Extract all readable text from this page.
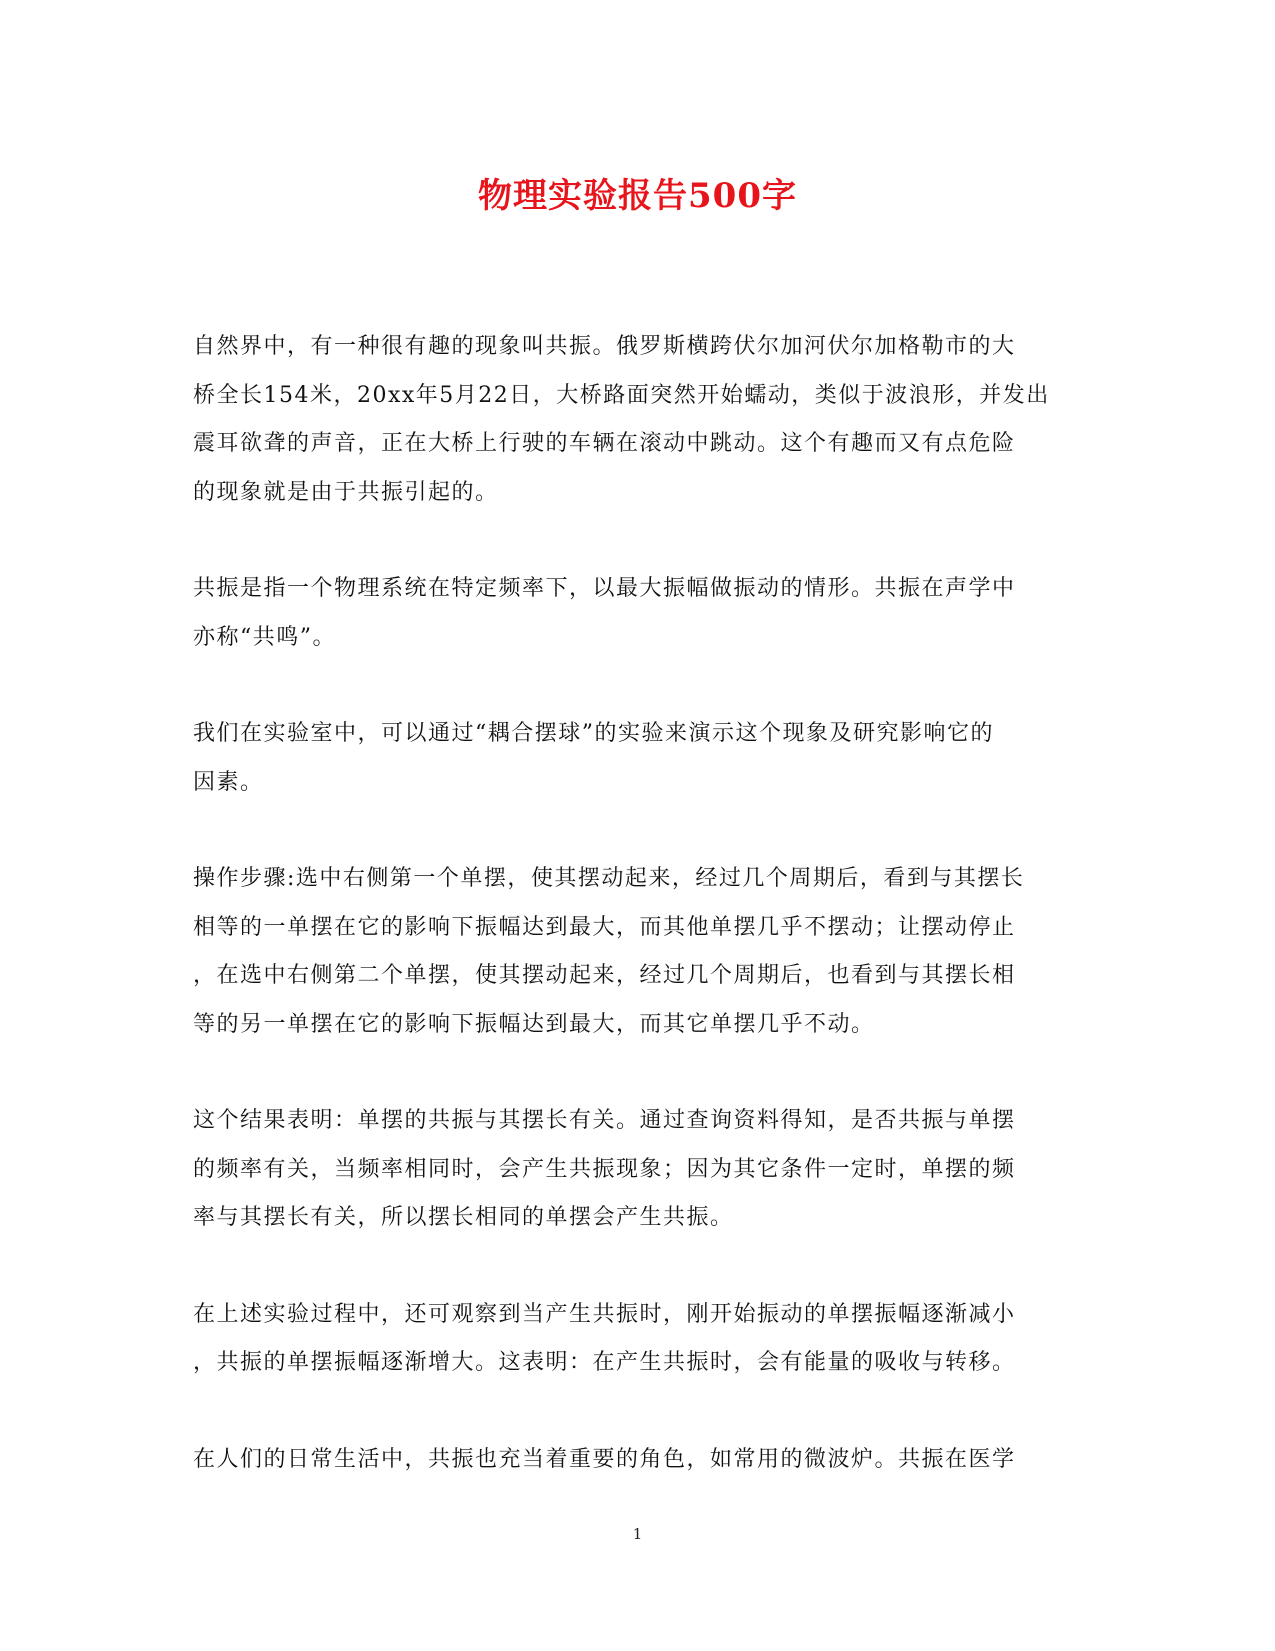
物理实验报告500字

自然界中，有一种很有趣的现象叫共振。俄罗斯横跨伏尔加河伏尔加格勒市的大
桥全长154米，20xx年5月22日，大桥路面突然开始蠕动，类似于波浪形，并发出
震耳欲聋的声音，正在大桥上行驶的车辆在滚动中跳动。这个有趣而又有点危险
的现象就是由于共振引起的。

共振是指一个物理系统在特定频率下，以最大振幅做振动的情形。共振在声学中
亦称“共鸣”。

我们在实验室中，可以通过“耦合摆球”的实验来演示这个现象及研究影响它的
因素。

操作步骤:选中右侧第一个单摆，使其摆动起来，经过几个周期后，看到与其摆长
相等的一单摆在它的影响下振幅达到最大，而其他单摆几乎不摆动；让摆动停止
，在选中右侧第二个单摆，使其摆动起来，经过几个周期后，也看到与其摆长相
等的另一单摆在它的影响下振幅达到最大，而其它单摆几乎不动。

这个结果表明：单摆的共振与其摆长有关。通过查询资料得知，是否共振与单摆
的频率有关，当频率相同时，会产生共振现象；因为其它条件一定时，单摆的频
率与其摆长有关，所以摆长相同的单摆会产生共振。

在上述实验过程中，还可观察到当产生共振时，刚开始振动的单摆振幅逐渐减小
，共振的单摆振幅逐渐增大。这表明：在产生共振时，会有能量的吸收与转移。

在人们的日常生活中，共振也充当着重要的角色，如常用的微波炉。共振在医学

1
